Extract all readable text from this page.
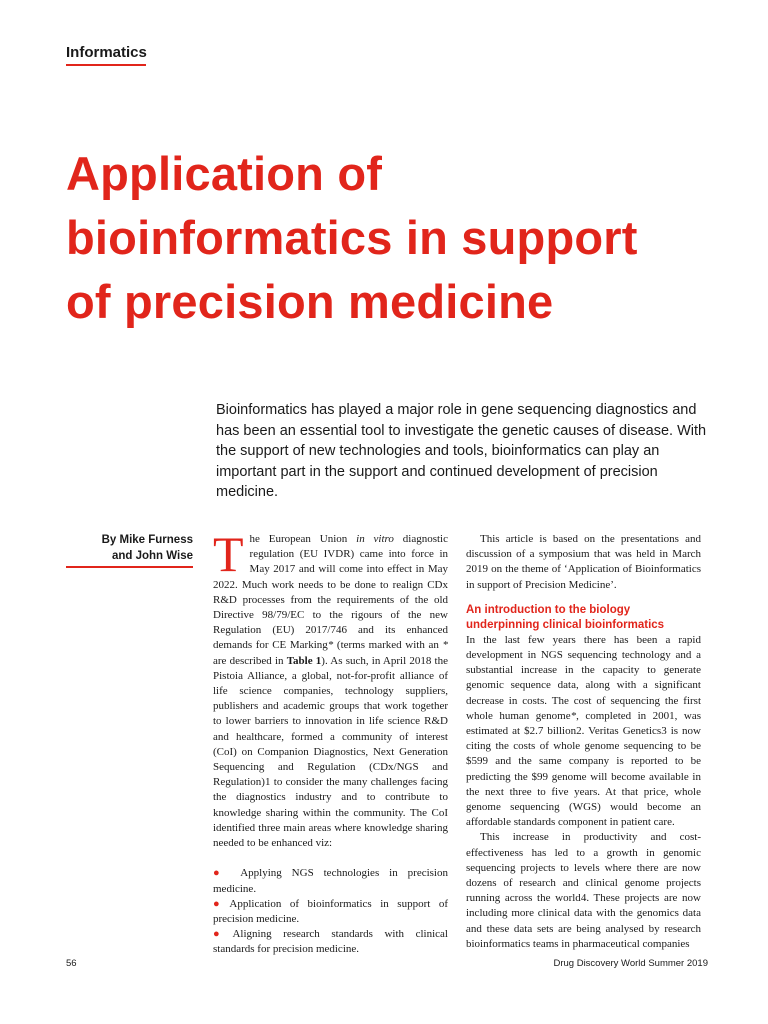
Informatics
Application of
bioinformatics in support
of precision medicine

Bioinformatics has played a major role in gene sequencing diagnostics and has been an essential tool to investigate the genetic causes of disease. With the support of new technologies and tools, bioinformatics can play an important part in the support and continued development of precision medicine.

By Mike Furness
and John Wise The European Union in vitro diagnostic regulation (EU IVDR) came into force in May 2017 and will come into effect in May 2022. Much work needs to be done to realign CDx R&D processes from the requirements of the old Directive 98/79/EC to the rigours of the new Regulation (EU) 2017/746 and its enhanced demands for CE Marking* (terms marked with an * are described in Table 1). As such, in April 2018 the Pistoia Alliance, a global, not-for-profit alliance of life science companies, technology suppliers, publishers and academic groups that work together to lower barriers to innovation in life science R&D and healthcare, formed a community of interest (CoI) on Companion Diagnostics, Next Generation Sequencing and Regulation (CDx/NGS and Regulation)1 to consider the many challenges facing the diagnostics industry and to contribute to knowledge sharing within the community. The CoI identified three main areas where knowledge sharing needed to be enhanced viz:

● Applying NGS technologies in precision medicine.

● Application of bioinformatics in support of precision medicine.

● Aligning research standards with clinical standards for precision medicine.

This article is based on the presentations and discussion of a symposium that was held in March 2019 on the theme of ‘Application of Bioinformatics in support of Precision Medicine’.

An introduction to the biology underpinning clinical bioinformatics

In the last few years there has been a rapid development in NGS sequencing technology and a substantial increase in the capacity to generate genomic sequence data, along with a significant decrease in costs. The cost of sequencing the first whole human genome*, completed in 2001, was estimated at $2.7 billion2. Veritas Genetics3 is now citing the costs of whole genome sequencing to be $599 and the same company is reported to be predicting the $99 genome will become available in the next three to five years. At that price, whole genome sequencing (WGS) would become an affordable standards component in patient care.

This increase in productivity and cost-effectiveness has led to a growth in genomic sequencing projects to levels where there are now dozens of research and clinical genome projects running across the world4. These projects are now including more clinical data with the genomics data and these data sets are being analysed by research bioinformatics teams in pharmaceutical companies

56	Drug Discovery World Summer 2019
